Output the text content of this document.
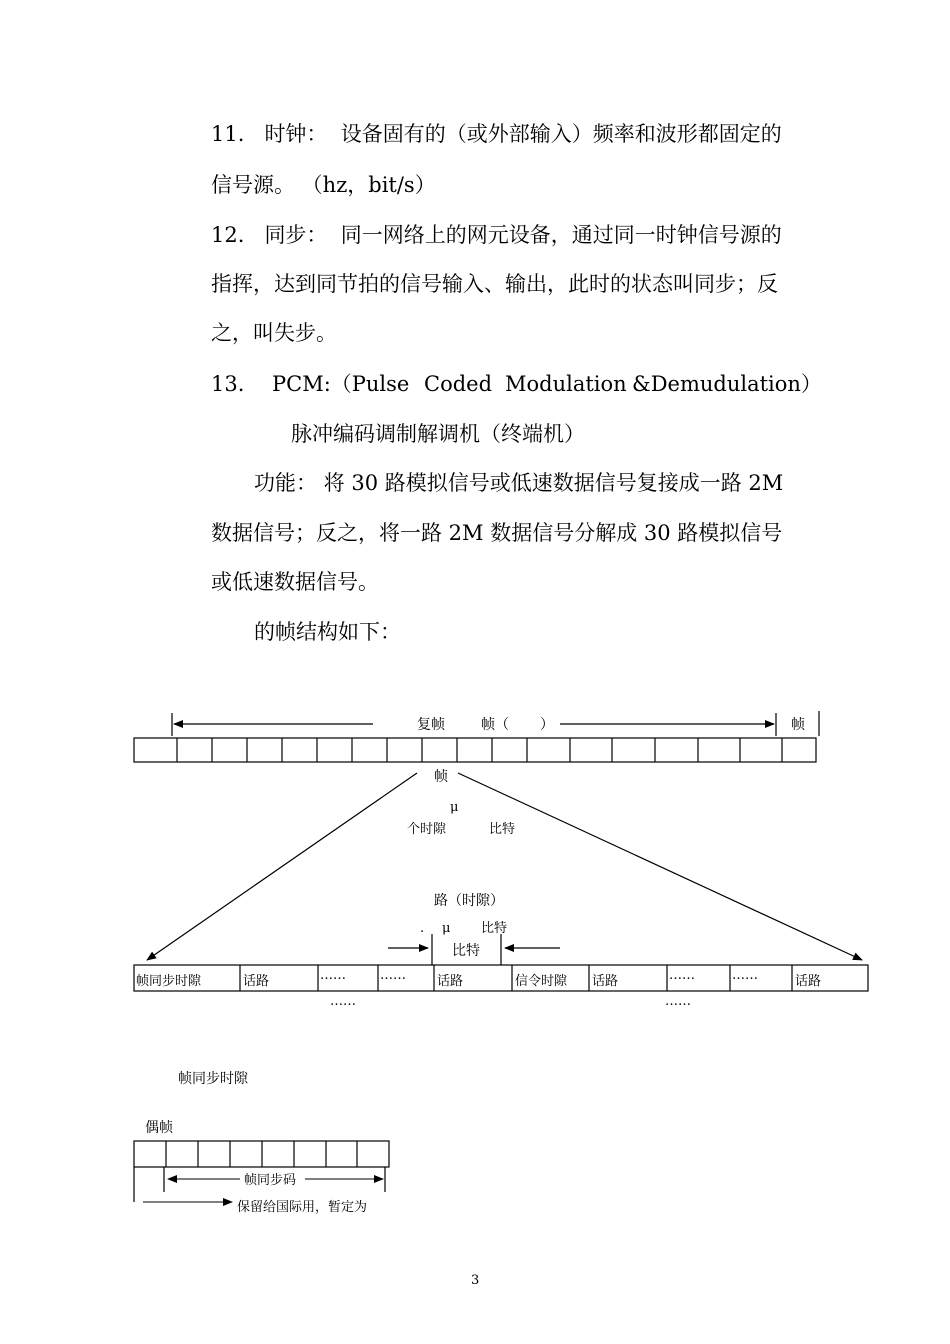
11. 时钟： 设备固有的（或外部输入）频率和波形都固定的
信号源。 （hz，bit/s）
12. 同步： 同一网络上的网元设备，通过同一时钟信号源的
指挥，达到同节拍的信号输入、输出，此时的状态叫同步；反
之，叫失步。
13. PCM:（Pulse Coded Modulation &Demudulation）
脉冲编码调制解调机（终端机）
功能： 将 30 路模拟信号或低速数据信号复接成一路 2M
数据信号；反之，将一路 2M 数据信号分解成 30 路模拟信号
或低速数据信号。
的帧结构如下：
复帧	帧（ ）	帧
帧
μ
个时隙	比特
路（时隙）
. μ 比特
比特
帧同步时隙	话路	……	…… 话路	信令时隙 话路	……	……	话路
……	……
帧同步时隙
偶帧
帧同步码
保留给国际用，暂定为
3
